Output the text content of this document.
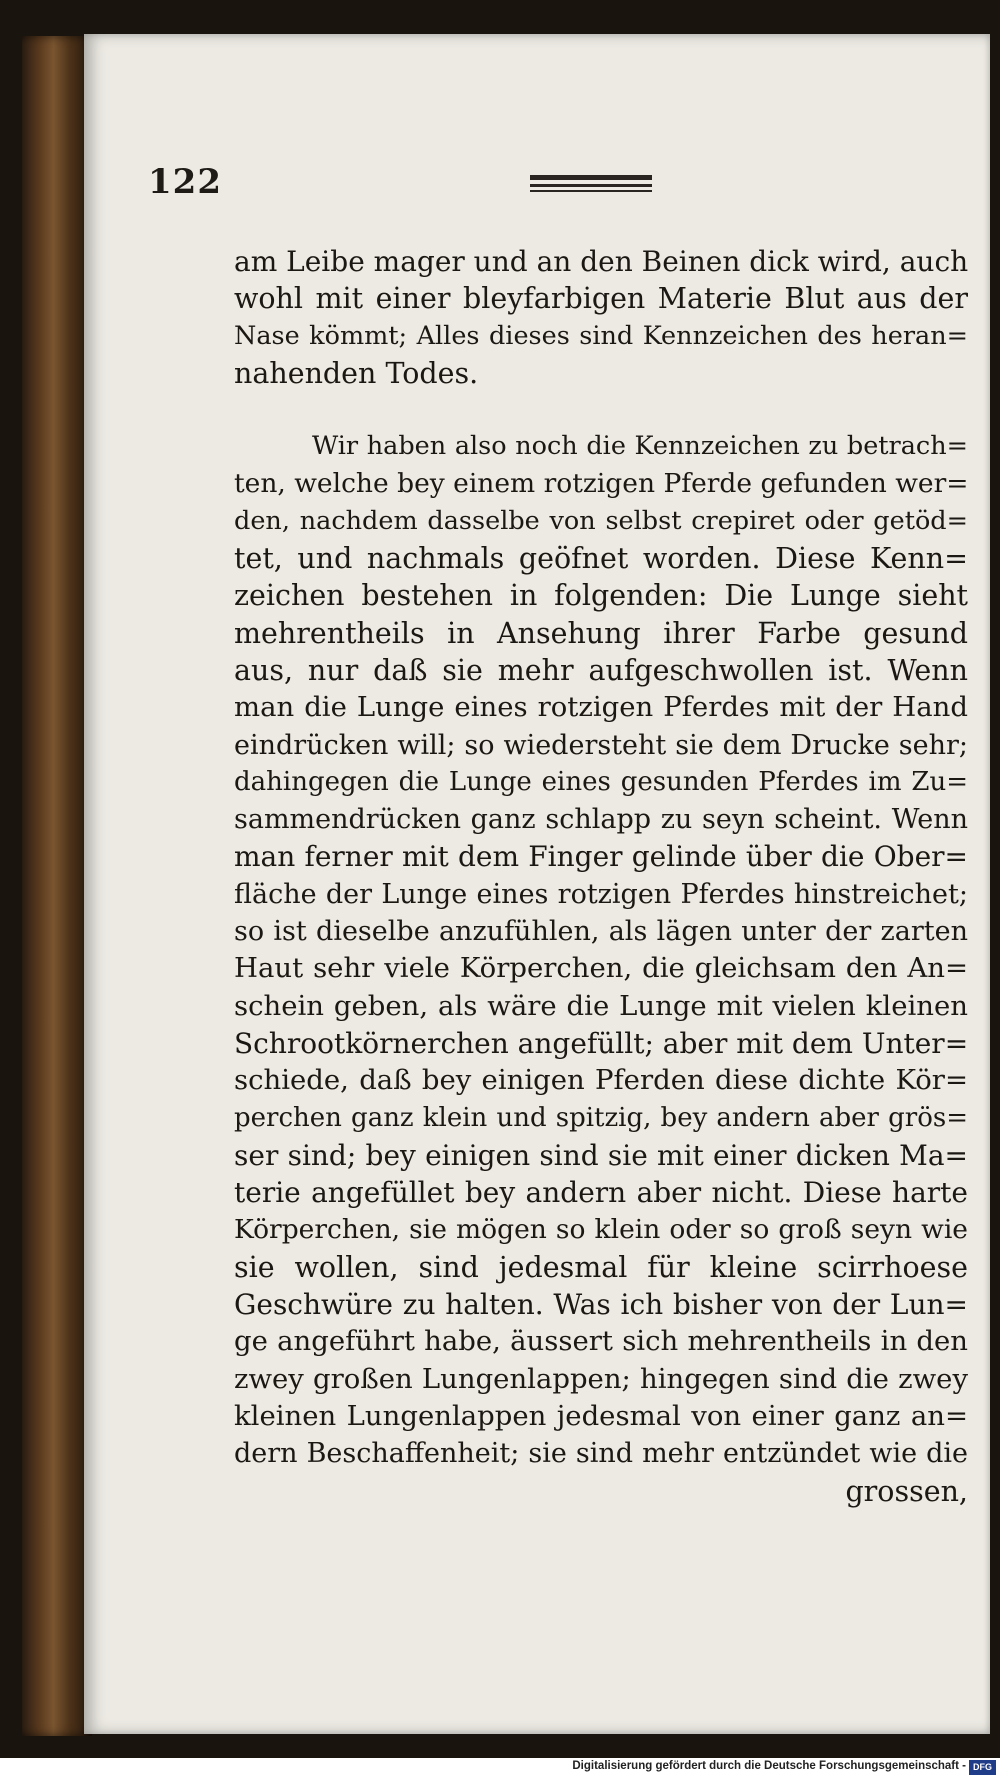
122
am Leibe mager und an den Beinen dick wird, auch
wohl mit einer bleyfarbigen Materie Blut aus der
Nase kömmt; Alles dieses sind Kennzeichen des heran=
nahenden Todes.
Wir haben also noch die Kennzeichen zu betrach=
ten, welche bey einem rotzigen Pferde gefunden wer=
den, nachdem dasselbe von selbst crepiret oder getöd=
tet, und nachmals geöfnet worden. Diese Kenn=
zeichen bestehen in folgenden: Die Lunge sieht
mehrentheils in Ansehung ihrer Farbe gesund
aus, nur daß sie mehr aufgeschwollen ist. Wenn
man die Lunge eines rotzigen Pferdes mit der Hand
eindrücken will; so wiedersteht sie dem Drucke sehr;
dahingegen die Lunge eines gesunden Pferdes im Zu=
sammendrücken ganz schlapp zu seyn scheint. Wenn
man ferner mit dem Finger gelinde über die Ober=
fläche der Lunge eines rotzigen Pferdes hinstreichet;
so ist dieselbe anzufühlen, als lägen unter der zarten
Haut sehr viele Körperchen, die gleichsam den An=
schein geben, als wäre die Lunge mit vielen kleinen
Schrootkörnerchen angefüllt; aber mit dem Unter=
schiede, daß bey einigen Pferden diese dichte Kör=
perchen ganz klein und spitzig, bey andern aber grös=
ser sind; bey einigen sind sie mit einer dicken Ma=
terie angefüllet bey andern aber nicht. Diese harte
Körperchen, sie mögen so klein oder so groß seyn wie
sie wollen, sind jedesmal für kleine scirrhoese
Geschwüre zu halten. Was ich bisher von der Lun=
ge angeführt habe, äussert sich mehrentheils in den
zwey großen Lungenlappen; hingegen sind die zwey
kleinen Lungenlappen jedesmal von einer ganz an=
dern Beschaffenheit; sie sind mehr entzündet wie die
grossen,
Digitalisierung gefördert durch die Deutsche Forschungsgemeinschaft - DFG
